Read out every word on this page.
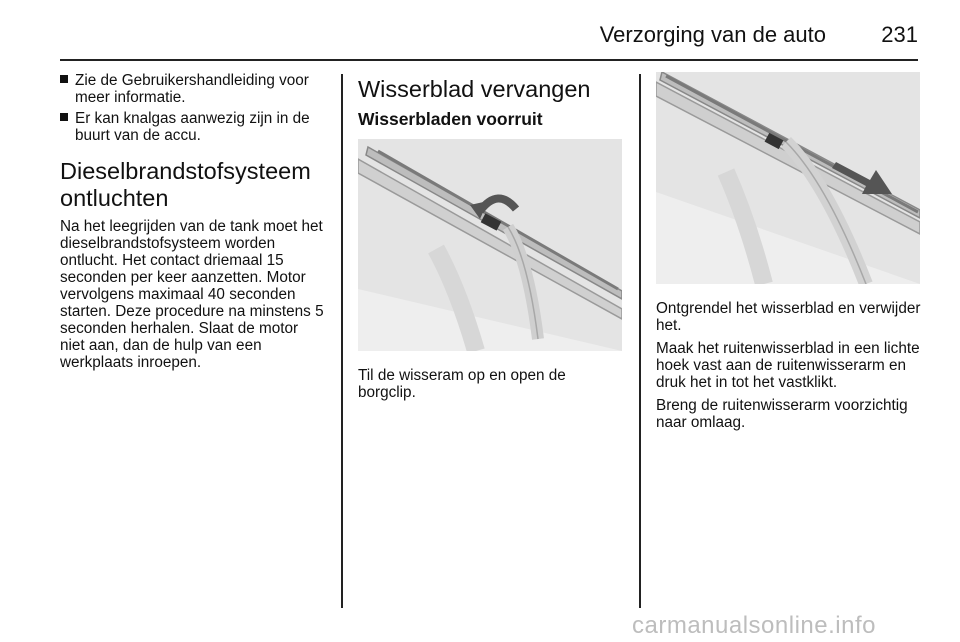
Verzorging van de auto	231
Zie de Gebruikershandleiding voor meer informatie.
Er kan knalgas aanwezig zijn in de buurt van de accu.
Dieselbrandstofsysteem ontluchten

Na het leegrijden van de tank moet het dieselbrandstofsysteem worden ontlucht. Het contact driemaal 15 seconden per keer aanzetten. Motor vervolgens maximaal 40 seconden starten. Deze procedure na minstens 5 seconden herhalen. Slaat de motor niet aan, dan de hulp van een werkplaats inroepen.

Wisserblad vervangen
Wisserbladen voorruit

Til de wisseram op en open de borgclip.

Ontgrendel het wisserblad en verwijder het.

Maak het ruitenwisserblad in een lichte hoek vast aan de ruitenwisserarm en druk het in tot het vastklikt.

Breng de ruitenwisserarm voorzichtig naar omlaag.

carmanualsonline.info
